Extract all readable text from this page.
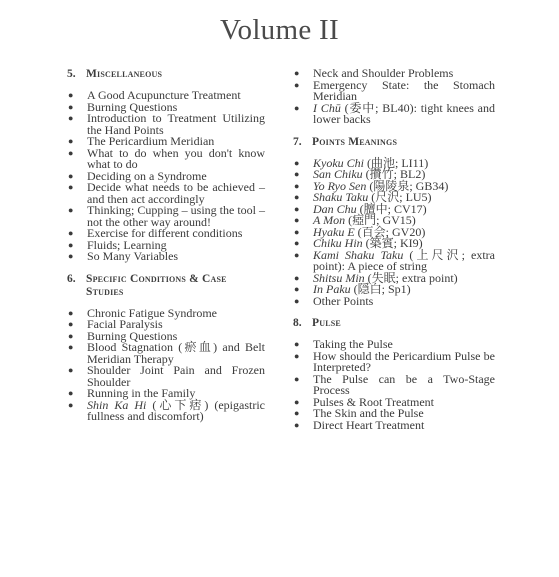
Volume II
5. Miscellaneous
●	A Good Acupuncture Treatment
●	Burning Questions
●	Introduction to Treatment Utilizing the Hand Points
●	The Pericardium Meridian
●	What to do when you don't know what to do
●	Deciding on a Syndrome
●	Decide what needs to be achieved – and then act accordingly
●	Thinking; Cupping – using the tool – not the other way around!
●	Exercise for different conditions
●	Fluids; Learning
●	So Many Variables
6. Specific Conditions & Case Studies
●	Chronic Fatigue Syndrome
●	Facial Paralysis
●	Burning Questions
●	Blood Stagnation (瘀血) and Belt Meridian Therapy
●	Shoulder Joint Pain and Frozen Shoulder
●	Running in the Family
●	Shin Ka Hi (心下痞) (epigastric fullness and discomfort)
●	Neck and Shoulder Problems
●	Emergency State: the Stomach Meridian
●	I Chū (委中; BL40): tight knees and lower backs
7. Points Meanings
●	Kyoku Chi (曲池; LI11)
●	San Chiku (攢竹; BL2)
●	Yo Ryo Sen (陽陵泉; GB34)
●	Shaku Taku (尺沢; LU5)
●	Dan Chu (膻中; CV17)
●	A Mon (瘂門; GV15)
●	Hyaku E (百会; GV20)
●	Chiku Hin (築賓; KI9)
●	Kami Shaku Taku (上尺沢; extra point): A piece of string
●	Shitsu Min (失眠; extra point)
●	In Paku (隠白; Sp1)
●	Other Points
8. Pulse
●	Taking the Pulse
●	How should the Pericardium Pulse be Interpreted?
●	The Pulse can be a Two-Stage Process
●	Pulses & Root Treatment
●	The Skin and the Pulse
●	Direct Heart Treatment
